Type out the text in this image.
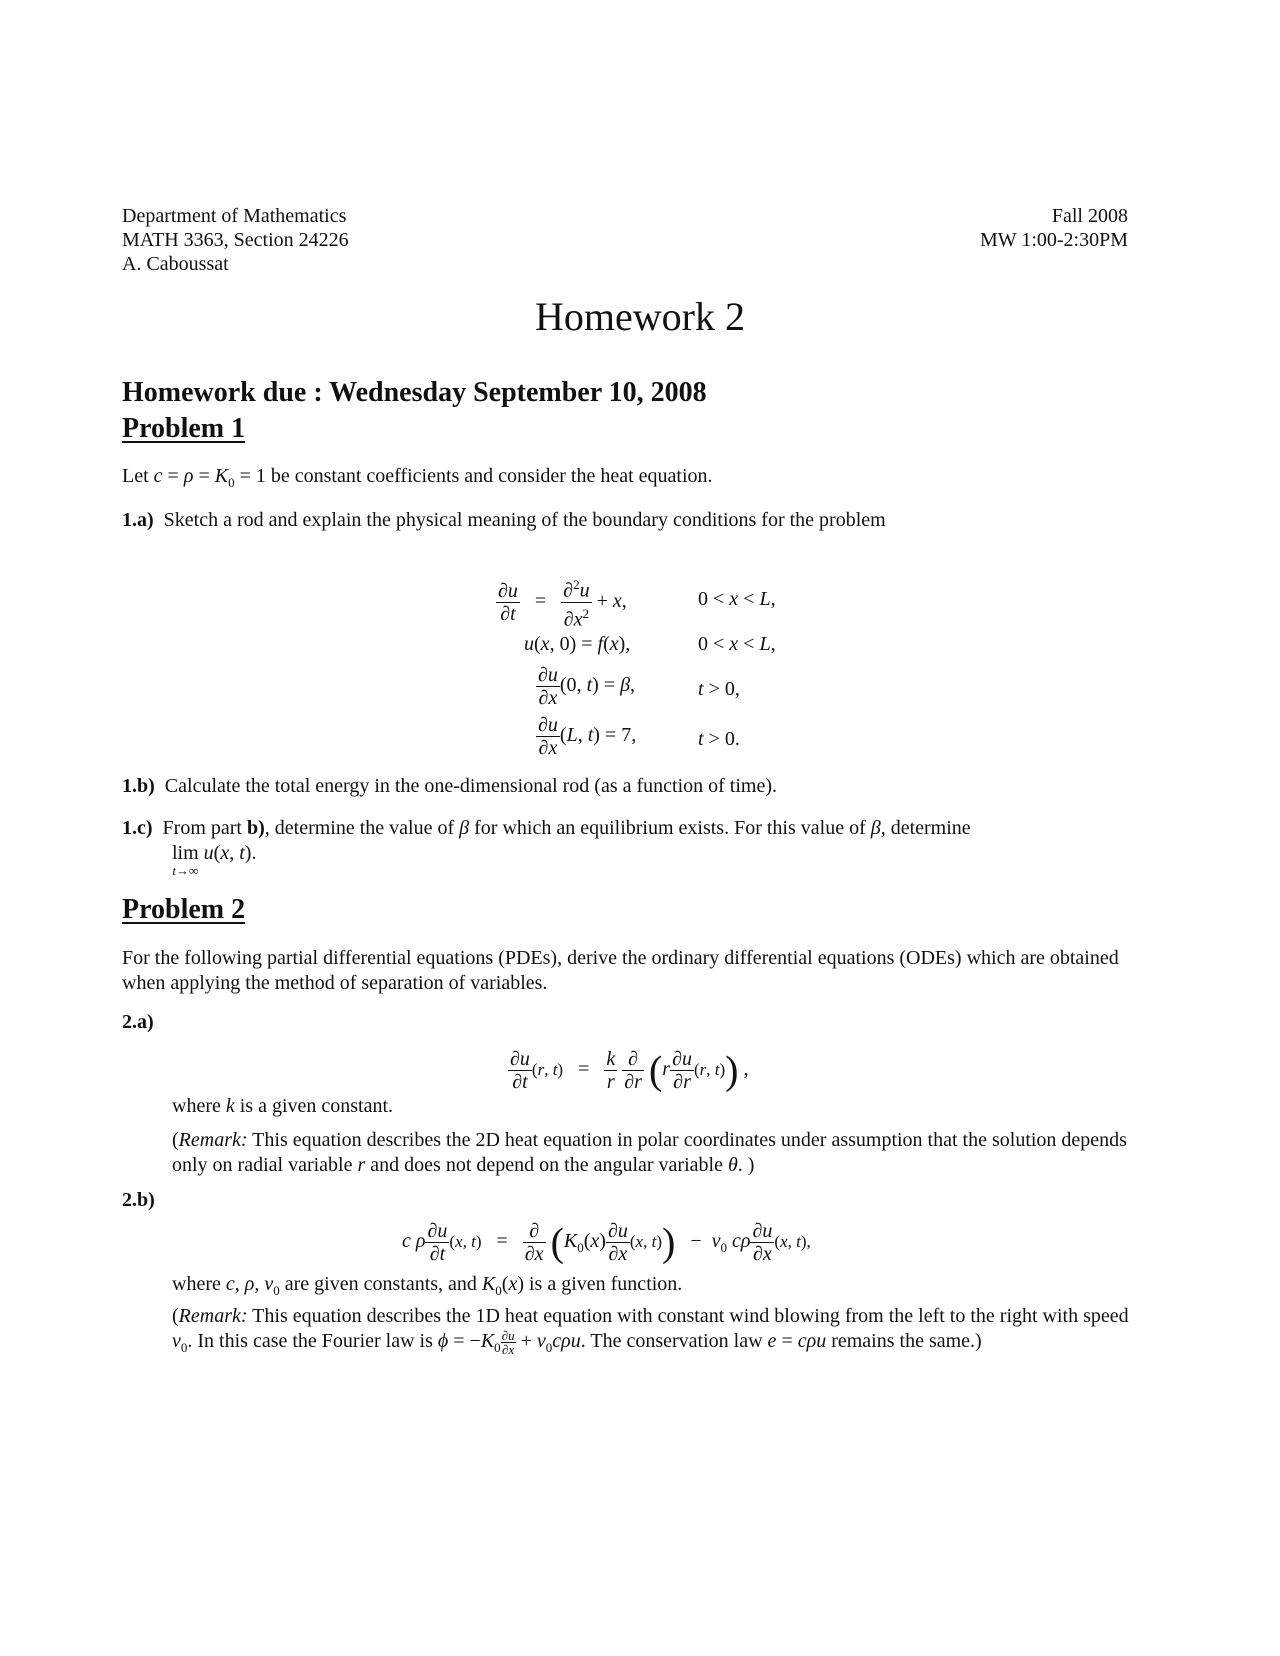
Department of Mathematics
MATH 3363, Section 24226
A. Caboussat
Fall 2008
MW 1:00-2:30PM
Homework 2
Homework due : Wednesday September 10, 2008
Problem 1
Let $c = \rho = K_0 = 1$ be constant coefficients and consider the heat equation.
1.a) Sketch a rod and explain the physical meaning of the boundary conditions for the problem
$\frac{\partial u}{\partial t} = \frac{\partial^2u}{\partial x^2} + x$,	0 < x < L,
u(x, 0) = f(x),	0 < x < L,
$\frac{\partial u}{\partial x} (0$, t) = β,	t > 0,
$\frac{\partial u}{\partial x} (L$, t) = 7,	t > 0.
1.b) Calculate the total energy in the one-dimensional rod (as a function of time).
1.c) From part b), determine the value of β for which an equilibrium exists. For this value of β, determine
lim
t→∞
u(x, t).
Problem 2
For the following partial differential equations (PDEs), derive the ordinary differential equations (ODEs) which are obtained when applying the method of separation of variables.
2.a)
$\frac{\partial u}{\partial t} (r$, $t) = \frac{k}{r}$
$\frac{\partial}{\partial r} (r \frac{\partial u}{\partial r} (r$, t)) ,
where k is a given constant.
(Remark: This equation describes the 2D heat equation in polar coordinates under assumption that the solution depends only on radial variable r and does not depend on the angular variable θ. )
2.b)
c ρ $\frac{\partial u}{\partial t} (x$, $t) = \frac{\partial}{\partial x} (K_0(x) \frac{\partial u}{\partial x} (x$, $t)) - v_0$ cρ $\frac{\partial u}{\partial x} (x$, t),
where c, ρ, $v_0$ are given constants, and $K_0(x)$ is a given function.
(Remark: This equation describes the 1D heat equation with constant wind blowing from the left to the right with speed $v_0$. In this case the Fourier law is $\phi = -K_0 \frac{\partial u}{\partial x} + v_0c\rho u$. The conservation law e = cρu remains the same.)
